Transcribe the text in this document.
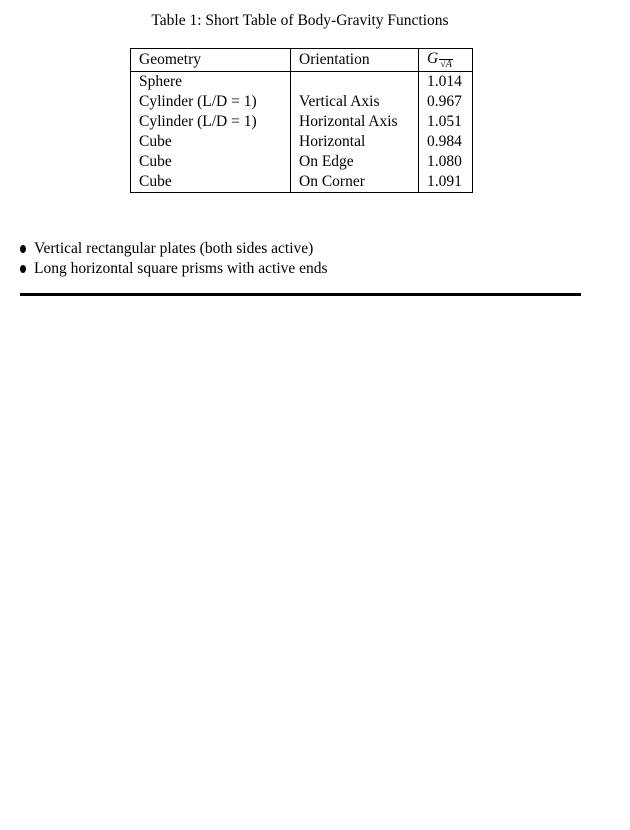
Table 1: Short Table of Body-Gravity Functions
Geometry	Orientation	G $_{√A}$
Sphere		1.014
Cylinder (L/D = 1)	Vertical Axis	0.967
Cylinder (L/D = 1)	Horizontal Axis	1.051
Cube	Horizontal	0.984
Cube	On Edge	1.080
Cube	On Corner	1.091
Vertical rectangular plates (both sides active)
Long horizontal square prisms with active ends
